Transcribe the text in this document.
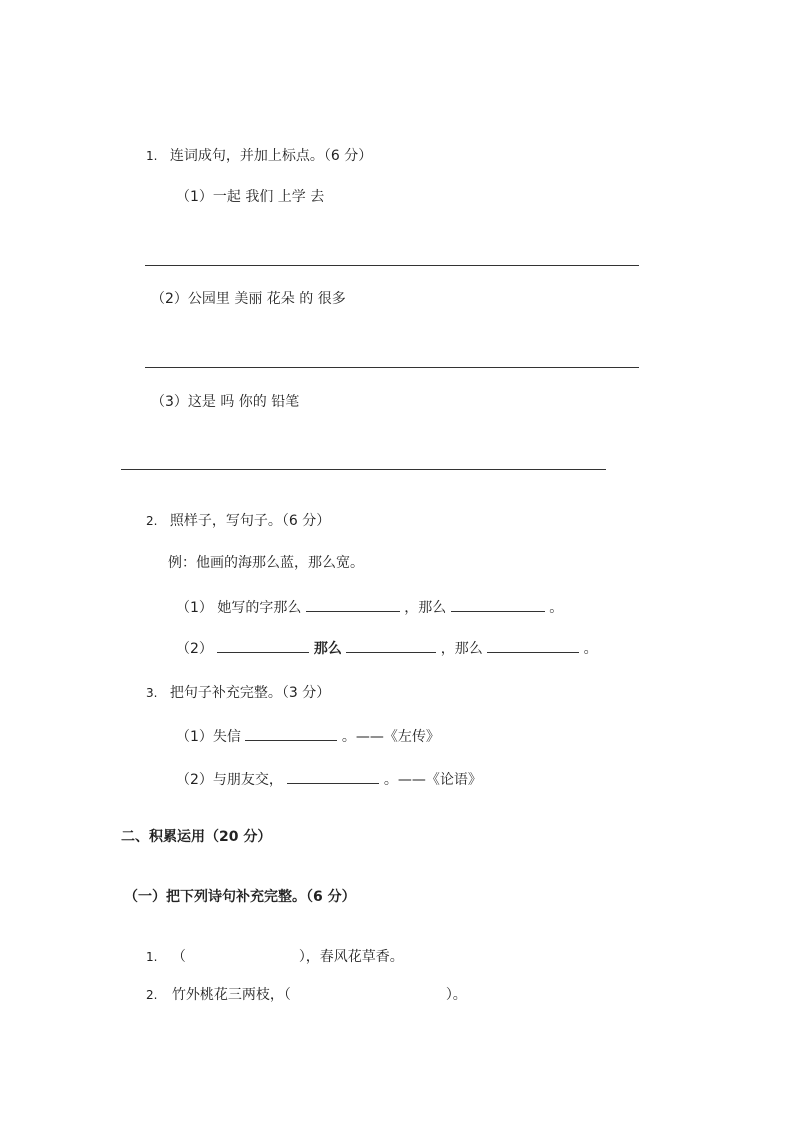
1. 连词成句，并加上标点。（6 分）
（1）一起 我们 上学 去
（2）公园里 美丽 花朵 的 很多
（3）这是 吗 你的 铅笔
2. 照样子，写句子。（6 分）
例：他画的海那么蓝，那么宽。
（1） 她写的字那么	，那么	。
（2）	那么	，那么	。
3. 把句子补充完整。（3 分）
（1）失信	。——《左传》
（2）与朋友交，	。——《论语》
二、积累运用（20 分）
（一）把下列诗句补充完整。（6 分）
1. （	），春风花草香。
2. 竹外桃花三两枝，（	）。
